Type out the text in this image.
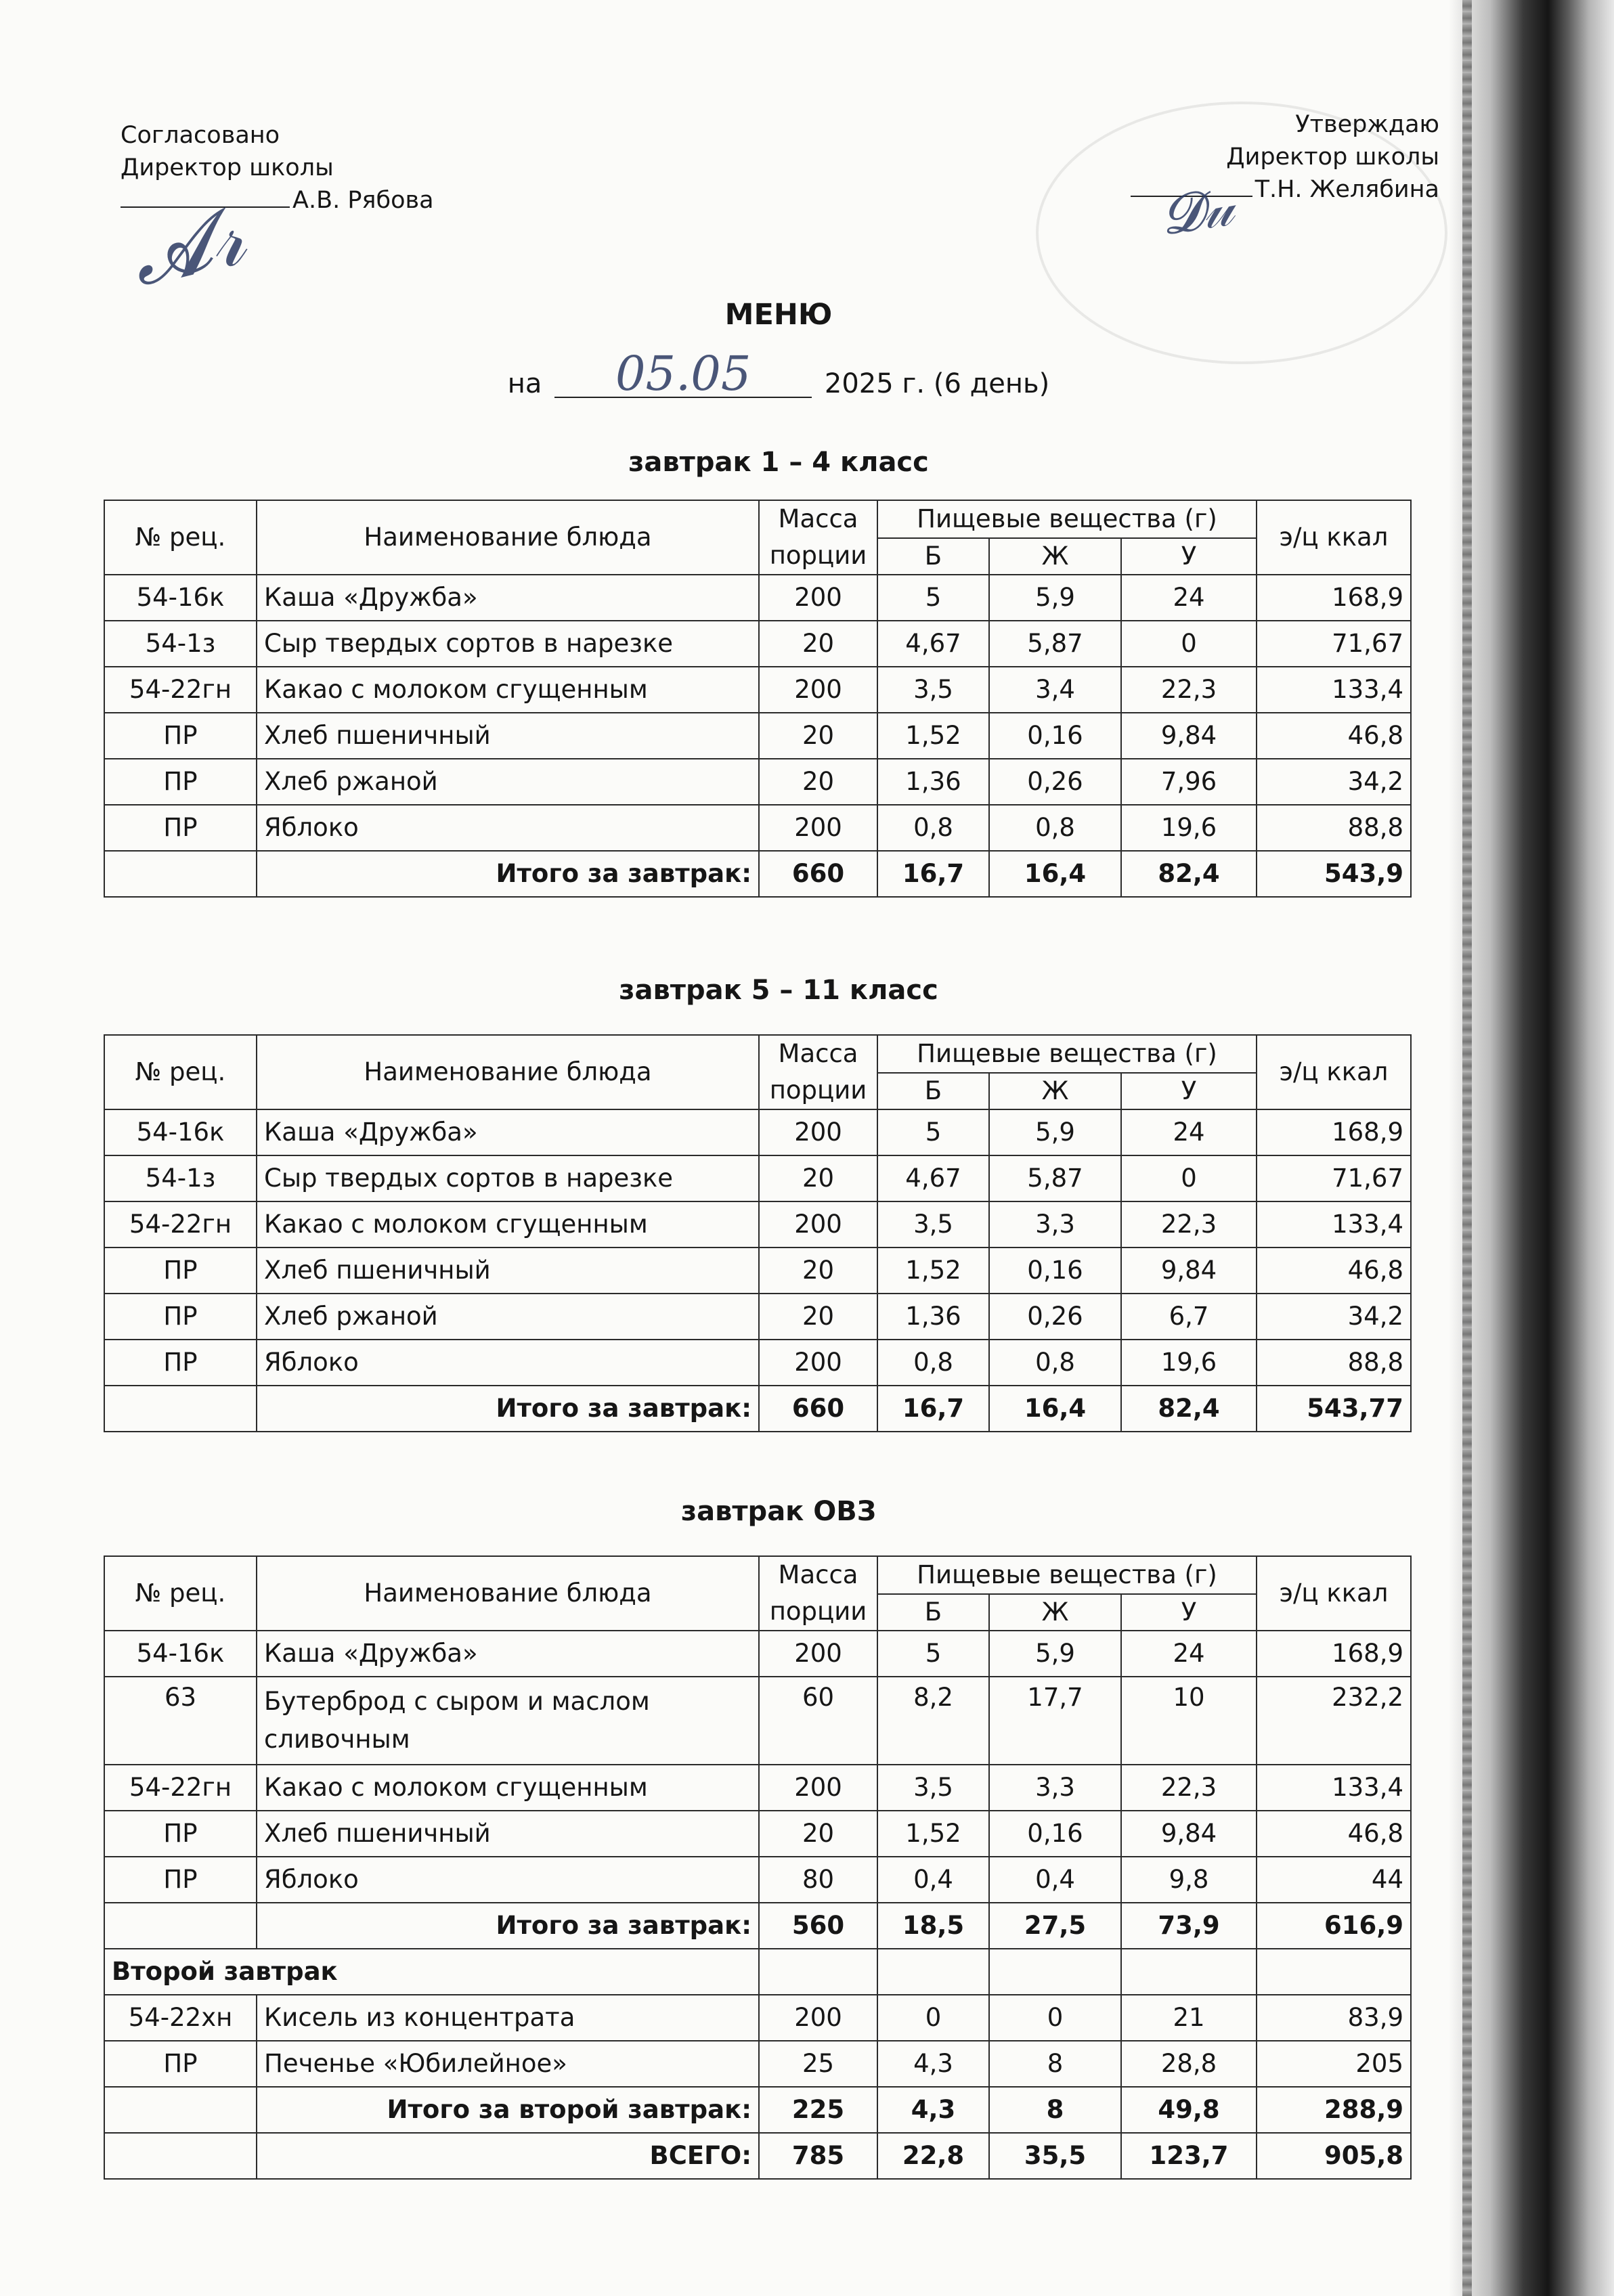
Согласовано
Директор школы
А.В. Рябова
𝓐𝓇
Утверждаю
Директор школы
Т.Н. Желябина
𝓓𝓊
МЕНЮ
на 05.05	2025 г. (6 день)
завтрак 1 – 4 класс
№ рец.	Наименование блюда	Масса порции	Пищевые вещества (г)			э/ц ккал
			Б	Ж	У	
54-16к	Каша «Дружба»	200	5	5,9	24	168,9
54-1з	Сыр твердых сортов в нарезке	20	4,67	5,87	0	71,67
54-22гн	Какао с молоком сгущенным	200	3,5	3,4	22,3	133,4
ПР	Хлеб пшеничный	20	1,52	0,16	9,84	46,8
ПР	Хлеб ржаной	20	1,36	0,26	7,96	34,2
ПР	Яблоко	200	0,8	0,8	19,6	88,8
	Итого за завтрак:	660	16,7	16,4	82,4	543,9
завтрак 5 – 11 класс
№ рец.	Наименование блюда	Масса порции	Пищевые вещества (г)			э/ц ккал
			Б	Ж	У	
54-16к	Каша «Дружба»	200	5	5,9	24	168,9
54-1з	Сыр твердых сортов в нарезке	20	4,67	5,87	0	71,67
54-22гн	Какао с молоком сгущенным	200	3,5	3,3	22,3	133,4
ПР	Хлеб пшеничный	20	1,52	0,16	9,84	46,8
ПР	Хлеб ржаной	20	1,36	0,26	6,7	34,2
ПР	Яблоко	200	0,8	0,8	19,6	88,8
	Итого за завтрак:	660	16,7	16,4	82,4	543,77
завтрак ОВЗ
№ рец.	Наименование блюда	Масса порции	Пищевые вещества (г)			э/ц ккал
			Б	Ж	У	
54-16к	Каша «Дружба»	200	5	5,9	24	168,9
63	Бутерброд с сыром и маслом сливочным	60	8,2	17,7	10	232,2
54-22гн	Какао с молоком сгущенным	200	3,5	3,3	22,3	133,4
ПР	Хлеб пшеничный	20	1,52	0,16	9,84	46,8
ПР	Яблоко	80	0,4	0,4	9,8	44
	Итого за завтрак:	560	18,5	27,5	73,9	616,9
Второй завтрак						
54-22хн	Кисель из концентрата	200	0	0	21	83,9
ПР	Печенье «Юбилейное»	25	4,3	8	28,8	205
	Итого за второй завтрак:	225	4,3	8	49,8	288,9
	ВСЕГО:	785	22,8	35,5	123,7	905,8
